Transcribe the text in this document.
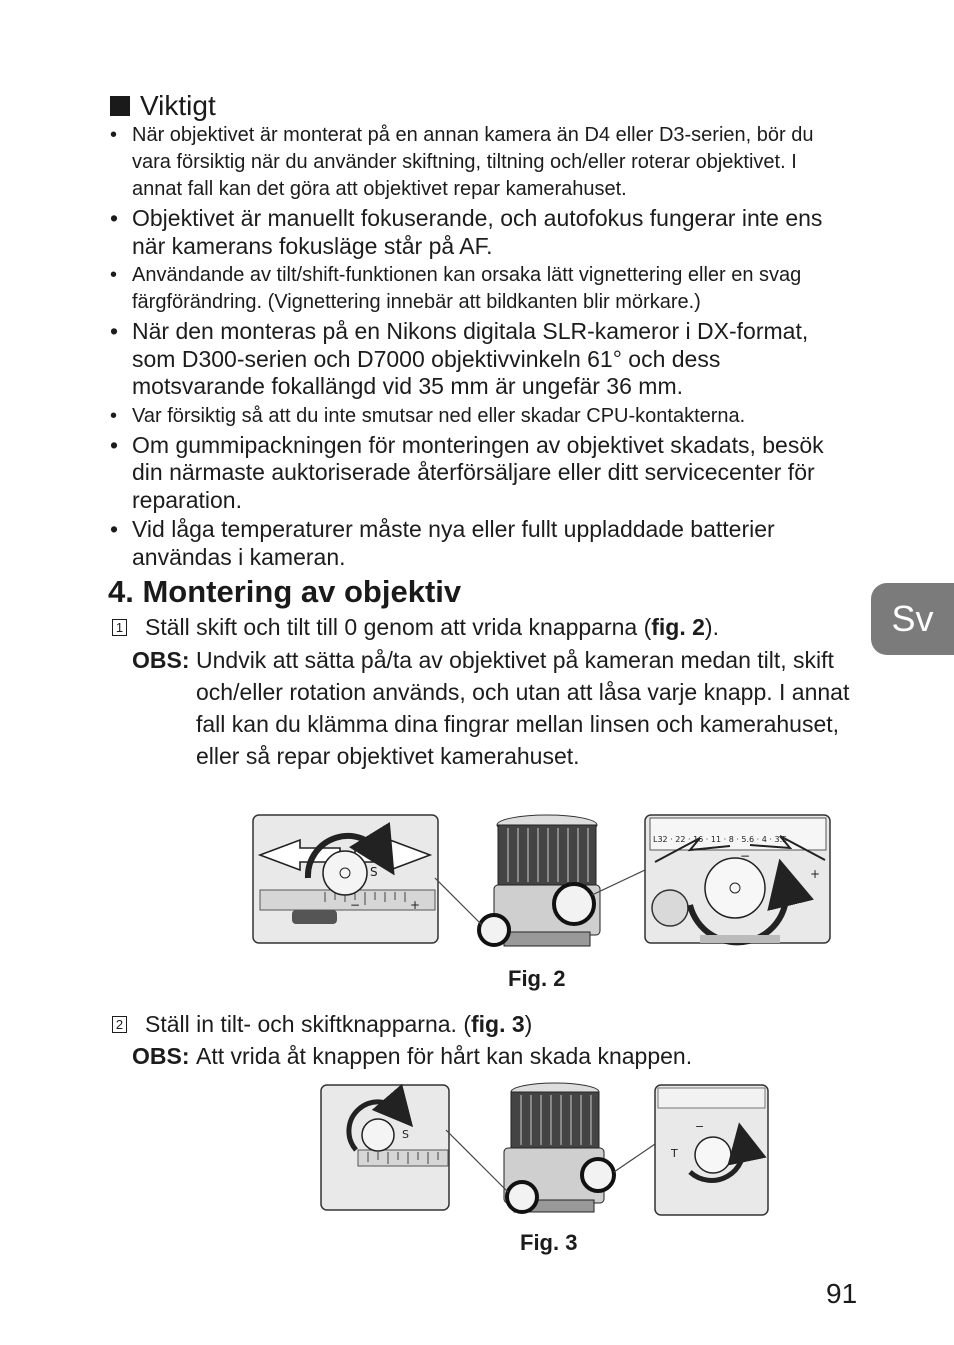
Viktigt
• När objektivet är monterat på en annan kamera än D4 eller D3-serien, bör du vara försiktig när du använder skiftning, tiltning och/eller roterar objektivet. I annat fall kan det göra att objektivet repar kamerahuset.
• Objektivet är manuellt fokuserande, och autofokus fungerar inte ens när kamerans fokusläge står på AF.
• Användande av tilt/shift-funktionen kan orsaka lätt vignettering eller en svag färgförändring. (Vignettering innebär att bildkanten blir mörkare.)
• När den monteras på en Nikons digitala SLR-kameror i DX-format, som D300-serien och D7000 objektivvinkeln 61° och dess motsvarande fokallängd vid 35 mm är ungefär 36 mm.
• Var försiktig så att du inte smutsar ned eller skadar CPU-kontakterna.
• Om gummipackningen för monteringen av objektivet skadats, besök din närmaste auktoriserade återförsäljare eller ditt servicecenter för reparation.
• Vid låga temperaturer måste nya eller fullt uppladdade batterier användas i kameran.
4. Montering av objektiv
1 Ställ skift och tilt till 0 genom att vrida knapparna ( fig. 2 ).
OBS: Undvik att sätta på/ta av objektivet på kameran medan tilt, skift och/eller rotation används, och utan att låsa varje knapp. I annat fall kan du klämma dina fingrar mellan linsen och kamerahuset, eller så repar objektivet kamerahuset.
S
−	+
L32 · 22 · 16 · 11 · 8 · 5.6 · 4 · 3.5
T
−
+
Fig. 2
2 Ställ in tilt- och skiftknapparna. ( fig. 3 )
OBS: Att vrida åt knappen för hårt kan skada knappen.
S
T
−
Fig. 3
Sv
91
